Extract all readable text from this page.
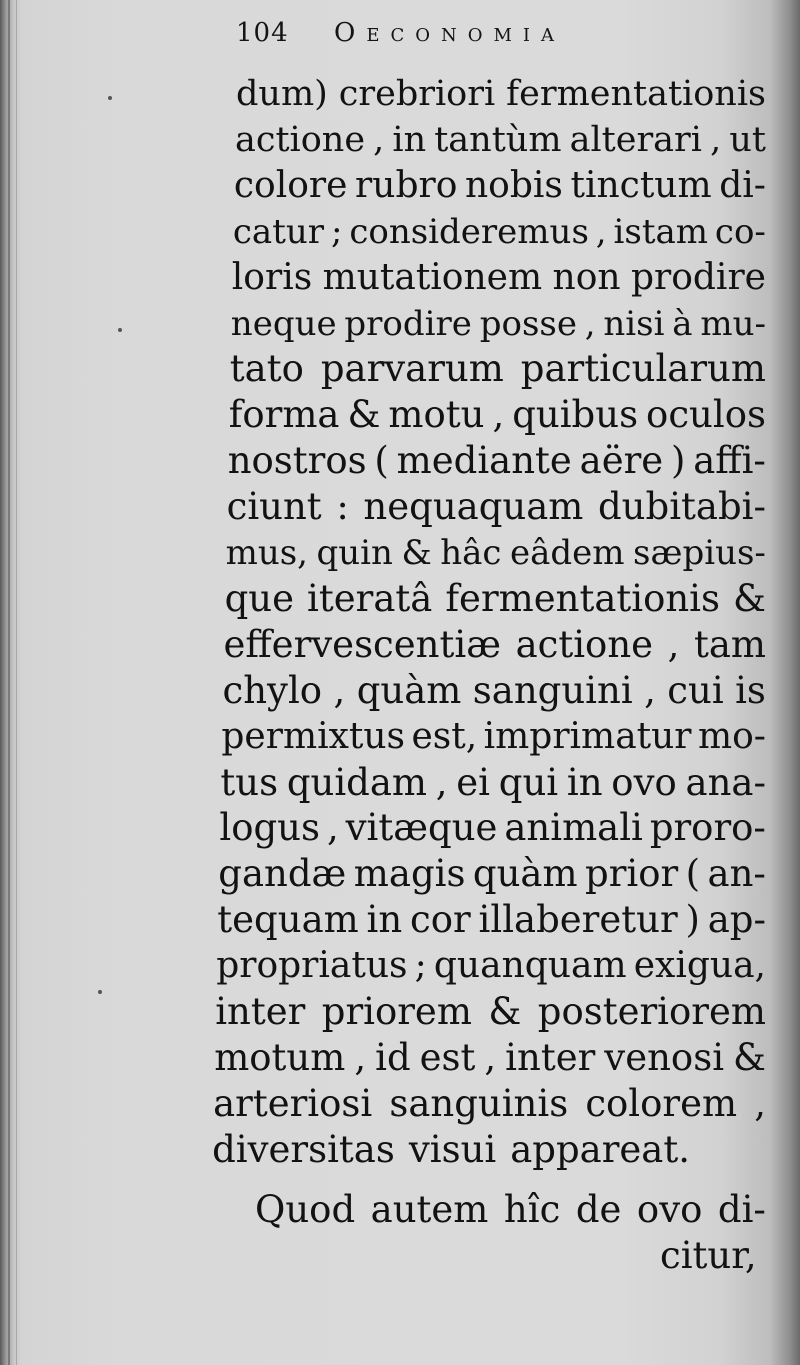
104 Oeconomia
dum) crebriori fermentationis
actione , in tantùm alterari , ut
colore rubro nobis tinctum di-
catur ; consideremus , istam co-
loris mutationem non prodire
neque prodire posse , nisi à mu-
tato parvarum particularum
forma & motu , quibus oculos
nostros ( mediante aëre ) affi-
ciunt : nequaquam dubitabi-
mus, quin & hâc eâdem sæpius-
que iteratâ fermentationis &
effervescentiæ actione , tam
chylo , quàm sanguini , cui is
permixtus est, imprimatur mo-
tus quidam , ei qui in ovo ana-
logus , vitæque animali proro-
gandæ magis quàm prior ( an-
tequam in cor illaberetur ) ap-
propriatus ; quanquam exigua,
inter priorem & posteriorem
motum , id est , inter venosi &
arteriosi sanguinis colorem ,
diversitas visui appareat.
Quod autem hîc de ovo di-
citur,
